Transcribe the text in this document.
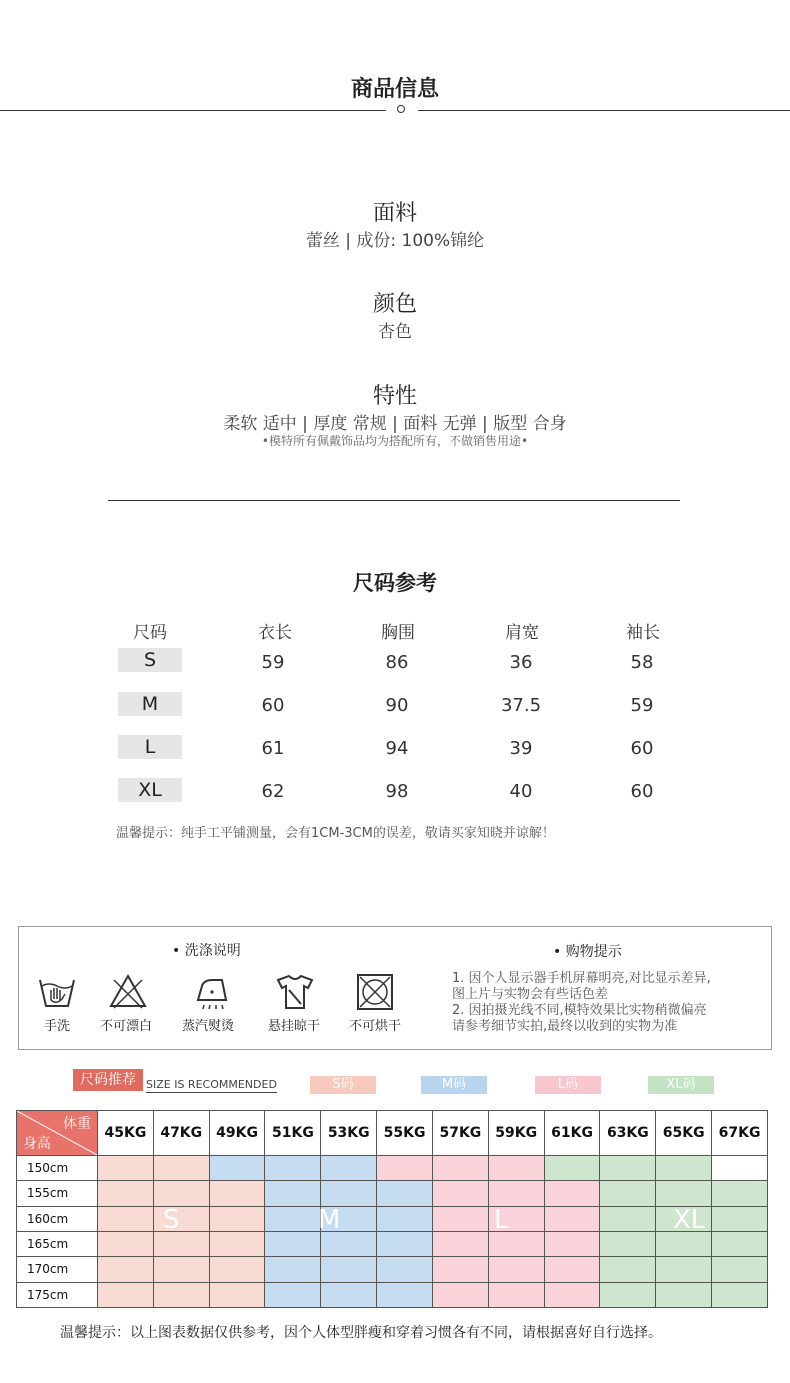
商品信息
面料
蕾丝 | 成份: 100%锦纶
颜色
杏色
特性
柔软 适中 | 厚度 常规 | 面料 无弹 | 版型 合身
•模特所有佩戴饰品均为搭配所有，不做销售用途•
尺码参考
尺码	衣长	胸围	肩宽	袖长
S	59	86	36	58
M	60	90	37.5	59
L	61	94	39	60
XL	62	98	40	60
温馨提示：纯手工平铺测量，会有1CM-3CM的误差，敬请买家知晓并谅解！
• 洗涤说明	• 购物提示
手洗	不可漂白	蒸汽熨烫	悬挂晾干	不可烘干
1. 因个人显示器手机屏幕明亮,对比显示差异,
图上片与实物会有些话色差
2. 因拍摄光线不同,模特效果比实物稍微偏亮
请参考细节实拍,最终以收到的实物为准
尺码推荐 SIZE IS RECOMMENDED	S码	M码	L码	XL码
体重
身高	45KG	47KG	49KG	51KG	53KG	55KG	57KG	59KG	61KG	63KG	65KG	67KG
150cm												
155cm												
160cm												
165cm												
170cm												
175cm												
S	M	L	XL
温馨提示：以上图表数据仅供参考，因个人体型胖瘦和穿着习惯各有不同，请根据喜好自行选择。
